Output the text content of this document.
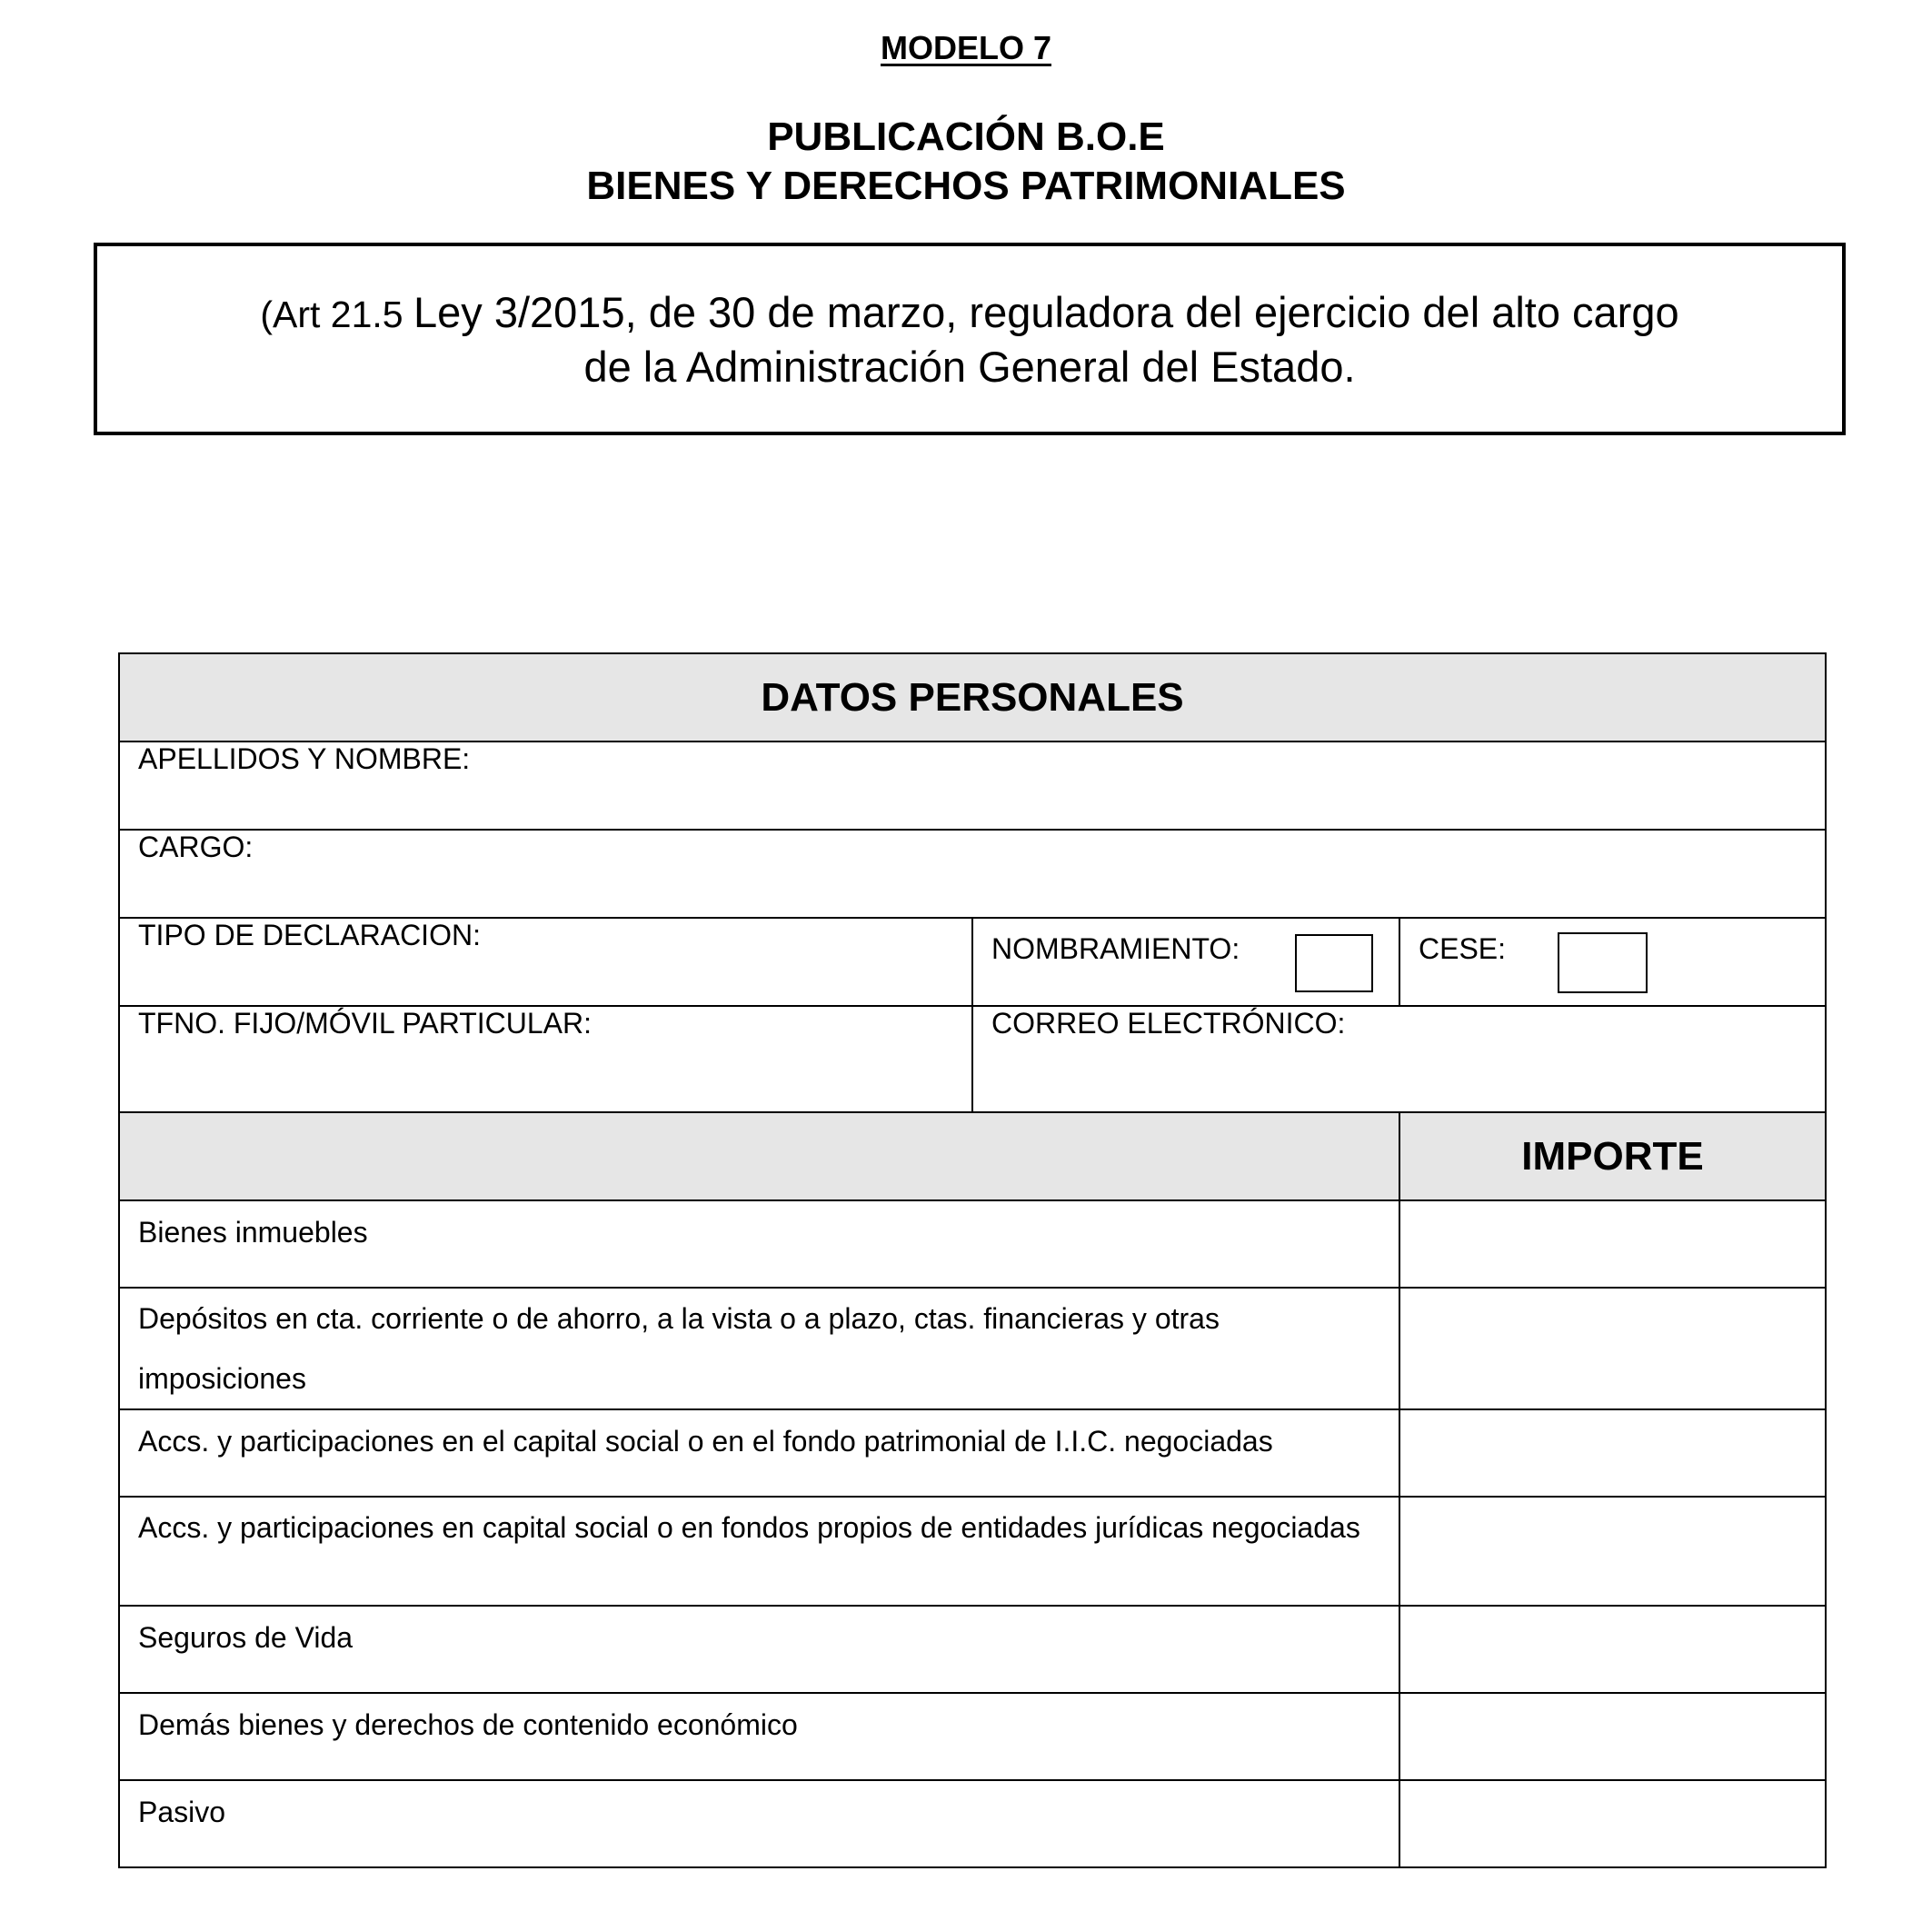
MODELO 7
PUBLICACIÓN B.O.E
BIENES Y DERECHOS PATRIMONIALES
(Art 21.5 Ley 3/2015, de 30 de marzo, reguladora del ejercicio del alto cargo
de la Administración General del Estado.
DATOS PERSONALES		
APELLIDOS Y NOMBRE:		
CARGO:		
TIPO DE DECLARACION:	NOMBRAMIENTO:	CESE:

TFNO. FIJO/MÓVIL PARTICULAR:	CORREO ELECTRÓNICO:	
		IMPORTE
Bienes inmuebles		
Depósitos en cta. corriente o de ahorro, a la vista o a plazo, ctas. financieras y otras imposiciones		
Accs. y participaciones en el capital social o en el fondo patrimonial de I.I.C. negociadas		
Accs. y participaciones en capital social o en fondos propios de entidades jurídicas negociadas		
Seguros de Vida		
Demás bienes y derechos de contenido económico		
Pasivo		
